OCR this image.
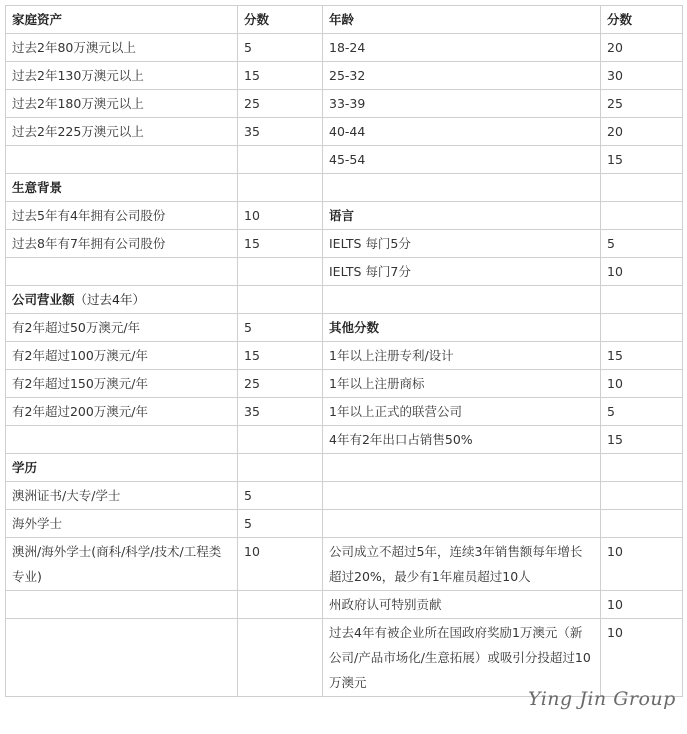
家庭资产	分数	年龄	分数
过去2年80万澳元以上	5	18-24	20
过去2年130万澳元以上	15	25-32	30
过去2年180万澳元以上	25	33-39	25
过去2年225万澳元以上	35	40-44	20
		45-54	15
生意背景			
过去5年有4年拥有公司股份	10	语言	
过去8年有7年拥有公司股份	15	IELTS 每门5分	5
		IELTS 每门7分	10
公司营业额（过去4年）			
有2年超过50万澳元/年	5	其他分数	
有2年超过100万澳元/年	15	1年以上注册专利/设计	15
有2年超过150万澳元/年	25	1年以上注册商标	10
有2年超过200万澳元/年	35	1年以上正式的联营公司	5
		4年有2年出口占销售50%	15
学历			
澳洲证书/大专/学士	5		
海外学士	5		
澳洲/海外学士(商科/科学/技术/工程类专业)	10	公司成立不超过5年，连续3年销售额每年增长超过20%，最少有1年雇员超过10人	10
		州政府认可特别贡献	10
		过去4年有被企业所在国政府奖励1万澳元（新公司/产品市场化/生意拓展）或吸引分投超过10万澳元	10
Ying Jin Group
